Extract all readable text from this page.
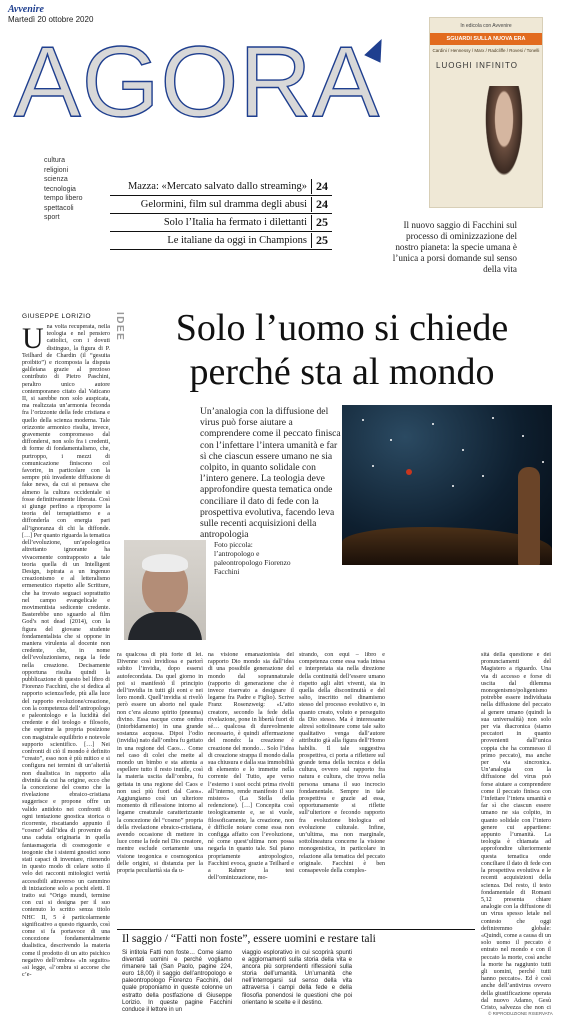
Avvenire
Martedì 20 ottobre 2020
AGORA	In edicola con Avvenire
SGUARDI SULLA NUOVA ERA
Cardini / Hennessy / Marx / Radcliffe / Rovesi / Tonelli
LUOGHI INFINITO
cultura
religioni
scienza
tecnologia
tempo libero
spettacoli
sport
Mazza: «Mercato salvato dallo streaming» 24
Gelormini, film sul dramma degli abusi 24
Solo l’Italia ha fermato i dilettanti 25
Le italiane da oggi in Champions 25
Il nuovo saggio di Facchini sul processo di ominizzazione del nostro pianeta: la specie umana è l’unica a porsi domande sul senso della vita
GIUSEPPE LORIZIO IDEE	Solo l’uomo si chiede
perché sta al mondo
Un’analogia con la diffusione del virus può forse aiutare a comprendere come il peccato finisca con l’infettare l’intera umanità e far sì che ciascun essere umano ne sia colpito, in quanto solidale con l’intero genere. La teologia deve approfondire questa tematica onde conciliare il dato di fede con la prospettiva evolutiva, facendo leva sulle recenti acquisizioni della antropologia
Foto piccola: l’antropologo e paleontropologo Fiorenzo Facchini
Una volta recuperata, nella teologia e nel pensiero cattolici, con i dovuti distinguo, la figura di P. Teilhard de Chardin (il “gesuita proibito”) e ricomposta la disputa galileiana grazie al prezioso contributo di Pietro Paschini, peraltro unico autore contemporaneo citato dal Vaticano II, si sarebbe non solo auspicata, ma realizzata un’armonia feconda fra l’orizzonte della fede cristiana e quello della scienza moderna. Tale orizzonte armonico risulta, invece, gravemente compromesso dal diffondersi, non solo fra i credenti, di forme di fondamentalismo, che, purtroppo, i mezzi di comunicazione finiscono col favorire, in particolare con la sempre più invadente diffusione di fake news, da cui si pensava che almeno la cultura occidentale si fosse definitivamente liberata. Così si giunge perfino a riproporre la teoria del terrapiattismo e a diffonderla con energia pari all’ignoranza di chi la diffonde. […] Per quanto riguarda la tematica dell’evoluzione, un’apologetica altrettanto ignorante ha vivacemente contrapposto a tale teoria quella di un Intelligent Design, ispirata a un ingenuo creazionismo e al letteralismo ermeneutico rispetto alle Scritture, che ha trovato seguaci soprattutto nel campo evangelicale e movimentista sedicente credente. Basterebbe uno sguardo al film God’s not dead (2014), con la figura del giovane studente fondamentalista che si oppone in maniera virulenta al docente non credente, che, in nome dell’evoluzionismo, nega la fede nella creazione. Decisamente opportuna risulta quindi la pubblicazione di questo bel libro di Fiorenzo Facchini, che si dedica al rapporto scienza/fede, più alla luce del rapporto evoluzione/creazione, con la competenza dell’antropologo e paleontologo e la lucidità del credente e del teologo e filosofo, che esprime la propria posizione con magistrale equilibrio e notevole supporto scientifico. […] Nei confronti di ciò il mondo è definito “creato”, esso non è più mitico e si configura nei termini di un’alterità non dualistica in rapporto alla divinità da cui ha origine, ecco che la concezione del cosmo che la rivelazione ebraico-cristiana suggerisce e propone offre un valido antidoto nei confronti di ogni tentazione gnostica storica o ricorrente, riscattando appunto il “cosmo” dall’idea di provenire da una caduta originaria in quella fantasmagoria di cosmogonie e teogonie che i sistemi gnostici sono stati capaci di inventare, ritenendo in questo modo di celare sotto il velo dei racconti mitologici verità accessibili attraverso un cammino di iniziazione solo a pochi eletti. Il tratto sui “Origo mundi, termine con cui si designa per il suo contenuto lo scritto senza titolo NHC II, 5 è particolarmente significativo a questo riguardo, così come si fa portavoce di una concezione fondamentalmente dualistica, descrivendo la materia come il prodotto di un atto psichico negativo dell’ombra» «In seguito» «si legge, «l’ombra si accorse che c’e-
ra qualcosa di più forte di lei. Divenne così invidiosa e partorì subito l’invidia, dopo essersi autofecondata. Da quel giorno in poi si manifestò il principio dell’invidia in tutti gli eoni e nei loro mondi. Quell’invidia si rivelò però essere un aborto nel quale non c’era alcuno spirito (pneuma) divino. Essa nacque come ombra (intorbidamento) in una grande sostanza acquosa. Dipoi l’odio (invidia) nato dall’ombra fu gettato in una regione del Caos… Come nel caso di colei che mette al mondo un bimbo e sta attenta a espellere tutto il resto inutile, così la materia uscita dall’ombra, fu gettata in una regione del Caos e non uscì più fuori dal Caos». Aggiungiamo così un ulteriore momento di riflessione intorno al legame creaturale caratterizzante la concezione del “cosmo” propria della rivelazione ebraico-cristiana, avendo occasione di mettere in luce come la fede nel Dio creatore, mentre esclude certamente una visione teogonica e cosmogonica delle origini, si distanzia per la propria peculiarità sia da u-
na visione emanazionista del rapporto Dio mondo sia dall’idea di una possibile generazione del mondo dal soprannaturale (rapporto di generazione che è invece riservato a designare il legame fra Padre e Figlio). Scrive Franz Rosenzweig: «L’atto creatore, secondo la fede della rivelazione, pone in libertà fuori di sé… qualcosa di durevolmente necessario, è quindi affermazione del mondo: la creazione è creazione del mondo… Solo l’idea di creazione strappa il mondo dalla sua chiusura e dalla sua immobilità di elemento e lo immette nella corrente del Tutto, ape verso l’esterno i suoi occhi prima rivolti all’interno, rende manifesto il suo mistero» (La Stella della redenzione). […] Concepita così teologicamente e, se si vuole, filosoficamente, la creazione, non è difficile notare come essa non configga affatto con l’evoluzione, né come quest’ultima non possa negarla in quanto tale. Sul piano propriamente antropologico, Facchini evoca, grazie a Teilhard e a Rahner la tesi dell’ominizzazione, mo-
strando, con equi – libro e competenza come essa vada intesa e interpretata sia nella direzione della continuità dell’essere umano rispetto agli altri viventi, sia in quella della discontinuità e del salto, inscritto nel dinamismo stesso del processo evolutivo e, in quanto creato, voluto e perseguito da Dio stesso. Ma è interessante altresì sottolineare come tale salto qualitativo venga dall’autore attribuito già alla figura dell’Homo habilis. Il tale suggestiva prospettiva, ci porta a riflettere sul grande tema della tecnica e della cultura, ovvero sul rapporto fra natura e cultura, che trova nella persona umana il suo incrocio fondamentale. Sempre in tale prospettiva e grazie ad essa, opportunamente si riflette sull’ulteriore e fecondo rapporto fra evoluzione biologica ed evoluzione culturale. Infine, un’ultima, ma non marginale, sottolineatura concerne la visione monogenistica, in particolare in relazione alla tematica del peccato originale. Facchini è ben consapevole della comples-
sità della questione e dei pronunciamenti del Magistero a riguardo. Una via di accesso e forse di uscita dal dilemma monogenismo/poligenismo potrebbe essere individuata nella diffusione del peccato al genere umano (quindi la sua universalità) non solo per via diacronica (siamo peccatori in quanto provenienti dall’unica coppia che ha commesso il primo peccato), ma anche per via sincronica. Un’analogia con la diffusione del virus può forse aiutare a comprendere come il peccato finisca con l’infettare l’intera umanità e far sì che ciascun essere umano ne sia colpito, in quanto solidale con l’intero genere cui appartiene: appunto l’umanità. La teologia è chiamata ad approfondire ulteriormente questa tematica onde conciliare il dato di fede con la prospettiva evolutiva e le recenti acquisizioni della scienza. Del resto, il testo fondamentale di Romani 5,12 presenta chiare analogie con la diffusione di un virus spesso letale nel contesto che oggi definiremmo globale: «Quindi, come a causa di un solo uomo il peccato è entrato nel mondo e con il peccato la morte, così anche la morte ha raggiunto tutti gli uomini, perché tutti hanno peccato». Ed è così anche dell’antivirus ovvero della giustificazione operata dal nuovo Adamo, Gesù Cristo, salvezza che non ci
Il saggio / “Fatti non foste”, essere uomini e restare tali
Si intitola Fatti non foste… Come siamo diventati uomini e perché vogliamo rimanere tali (San Paolo, pagine 224, euro 18,00) il saggio dell’antropologo e paleontropologo Fiorenzo Facchini, del quale proponiamo in queste colonne un estratto della postfazione di Giuseppe Lorizio. In queste pagine Facchini conduce il lettore in un
viaggio esplorativo in cui scoprirà spunti e aggiornamenti sulla storia della vita e ancora più sorprendenti riflessioni sulla storia dell’umanità. Un’umanità che nell’interrogarsi sul senso della vita attraversa i campi della fede e della filosofia ponendosi le questioni che poi orientano le scelte e il destino.
© RIPRODUZIONE RISERVATA
